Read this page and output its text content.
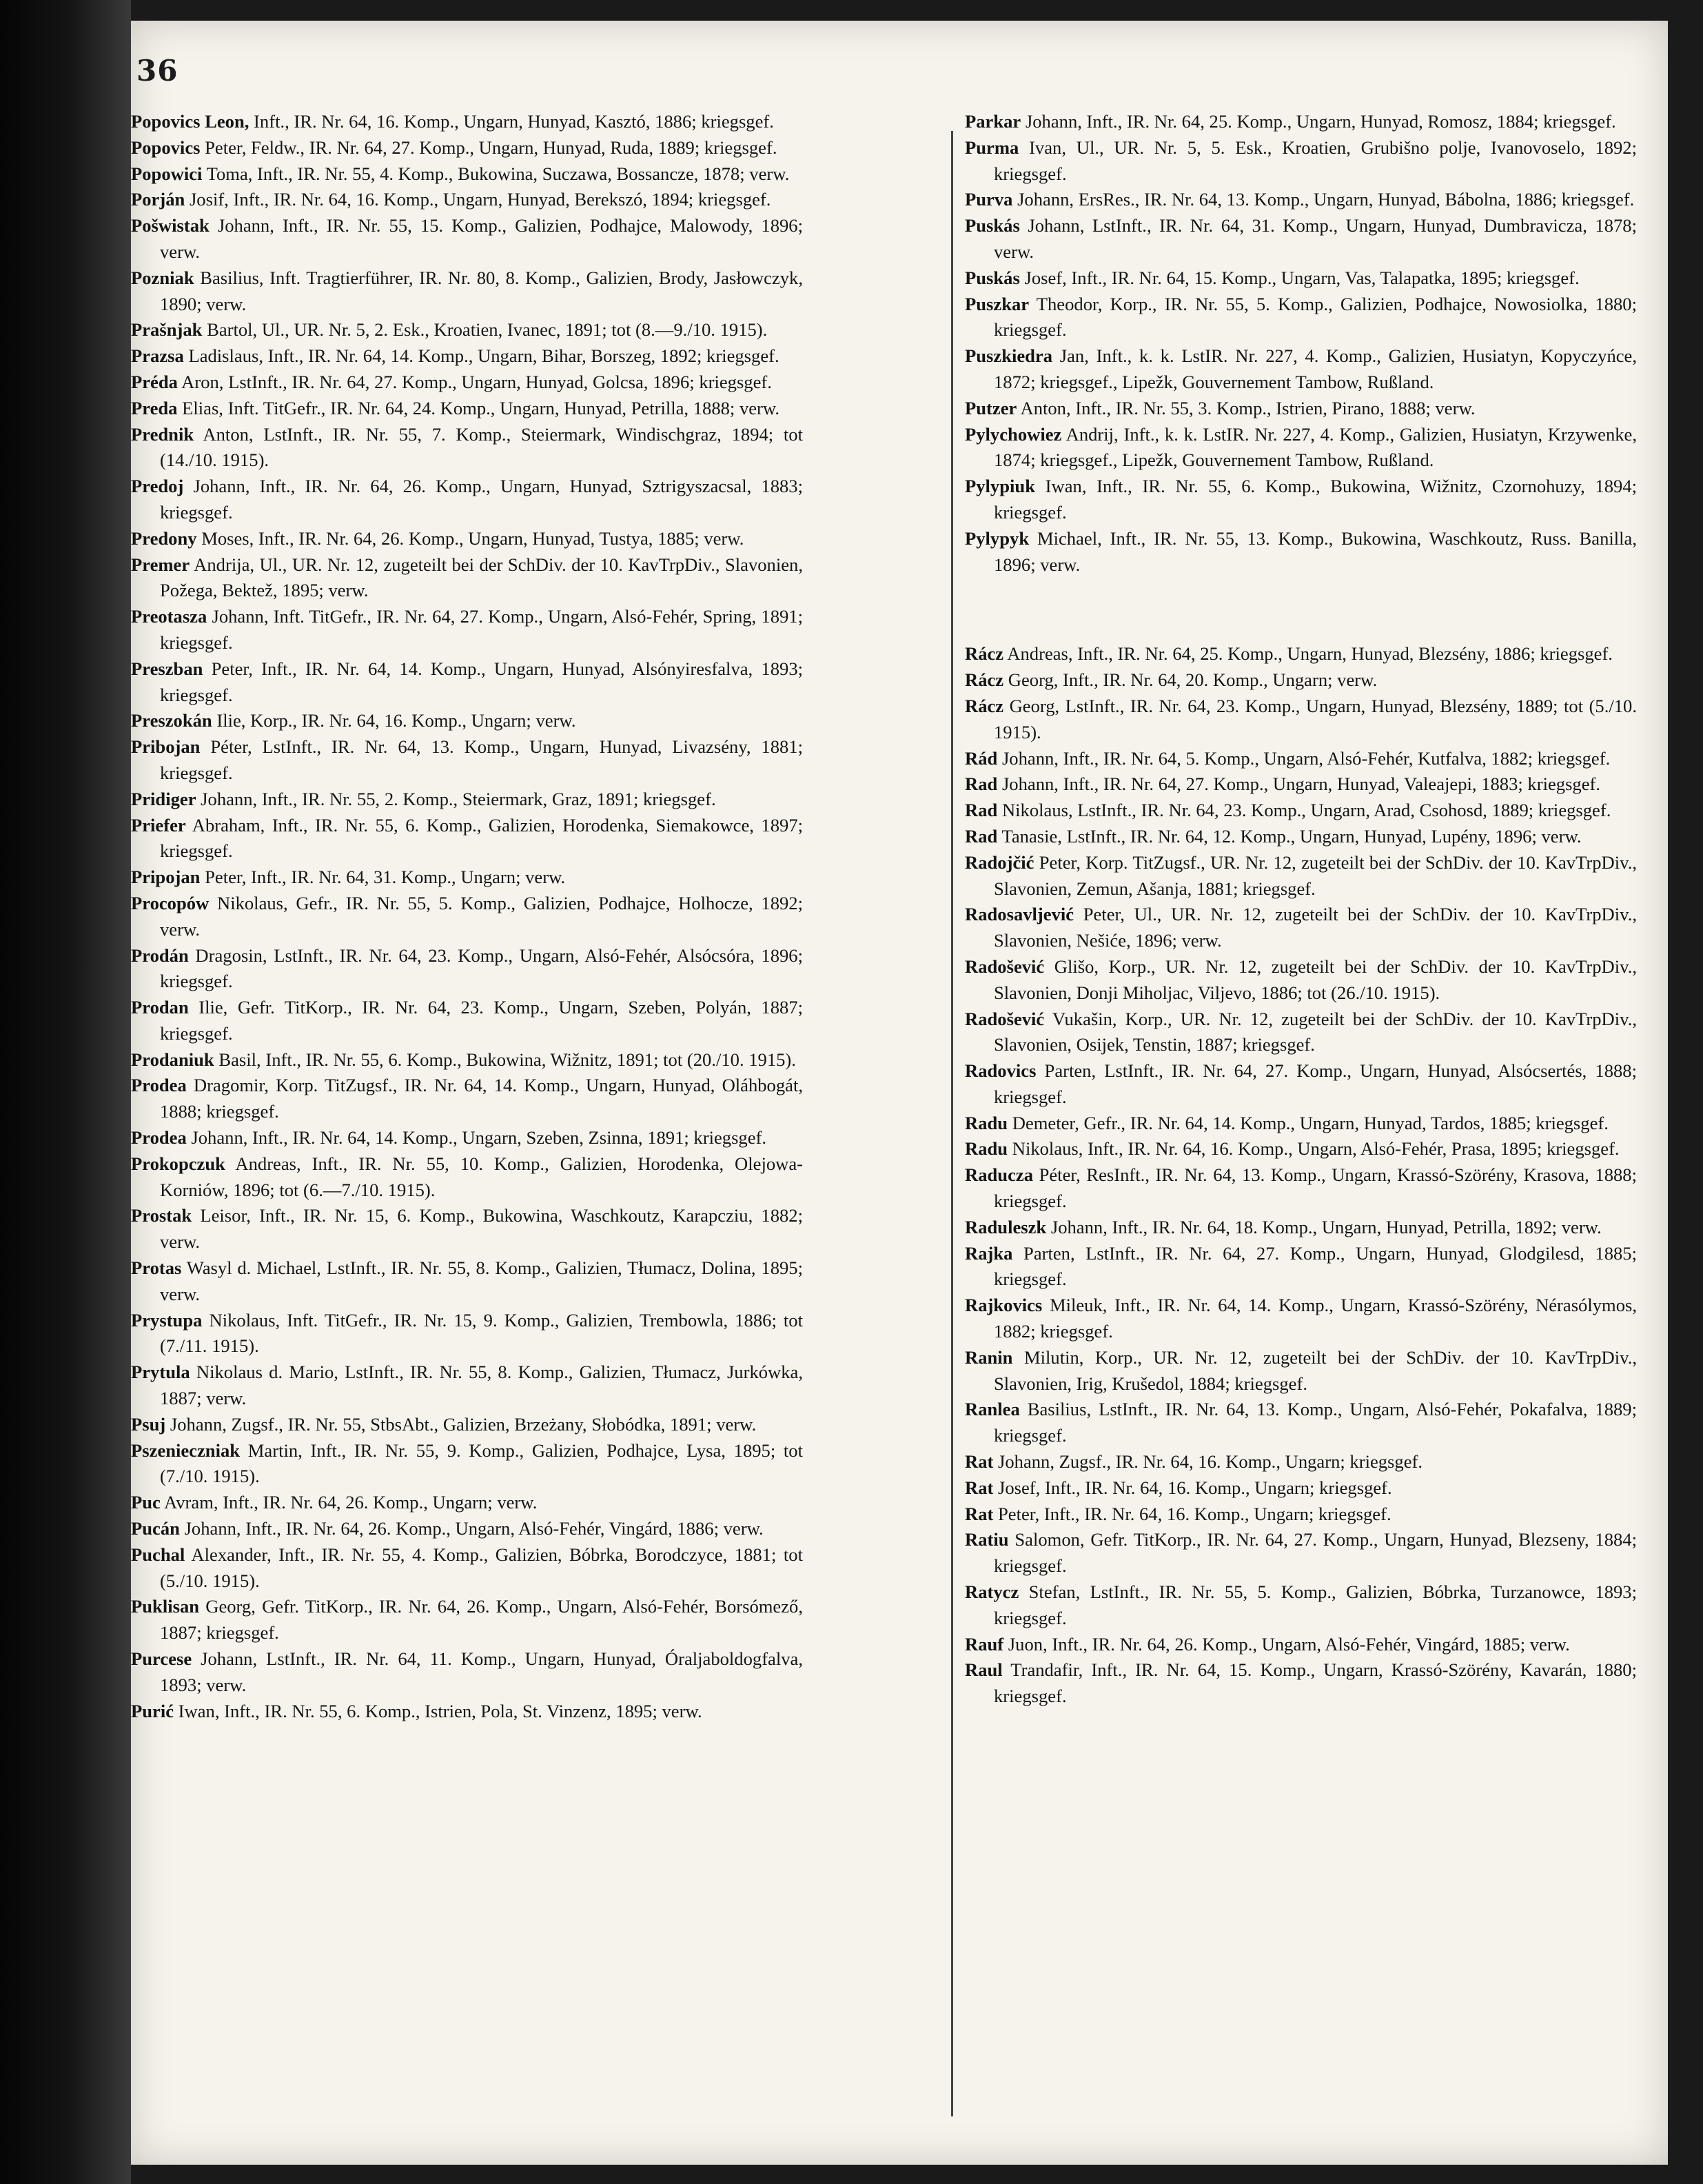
36

Popovics Leon, Inft., IR. Nr. 64, 16. Komp., Ungarn, Hunyad, Kasztó, 1886; kriegsgef.

Popovics Peter, Feldw., IR. Nr. 64, 27. Komp., Ungarn, Hunyad, Ruda, 1889; kriegsgef.

Popowici Toma, Inft., IR. Nr. 55, 4. Komp., Bukowina, Suczawa, Bossancze, 1878; verw.

Porján Josif, Inft., IR. Nr. 64, 16. Komp., Ungarn, Hunyad, Berekszó, 1894; kriegsgef.

Pošwistak Johann, Inft., IR. Nr. 55, 15. Komp., Galizien, Podhajce, Malowody, 1896; verw.

Pozniak Basilius, Inft. Tragtierführer, IR. Nr. 80, 8. Komp., Galizien, Brody, Jasłowczyk, 1890; verw.

Prašnjak Bartol, Ul., UR. Nr. 5, 2. Esk., Kroatien, Ivanec, 1891; tot (8.—9./10. 1915).

Prazsa Ladislaus, Inft., IR. Nr. 64, 14. Komp., Ungarn, Bihar, Borszeg, 1892; kriegsgef.

Préda Aron, LstInft., IR. Nr. 64, 27. Komp., Ungarn, Hunyad, Golcsa, 1896; kriegsgef.

Preda Elias, Inft. TitGefr., IR. Nr. 64, 24. Komp., Ungarn, Hunyad, Petrilla, 1888; verw.

Prednik Anton, LstInft., IR. Nr. 55, 7. Komp., Steiermark, Windischgraz, 1894; tot (14./10. 1915).

Predoj Johann, Inft., IR. Nr. 64, 26. Komp., Ungarn, Hunyad, Sztrigyszacsal, 1883; kriegsgef.

Predony Moses, Inft., IR. Nr. 64, 26. Komp., Ungarn, Hunyad, Tustya, 1885; verw.

Premer Andrija, Ul., UR. Nr. 12, zugeteilt bei der SchDiv. der 10. KavTrpDiv., Slavonien, Požega, Bektež, 1895; verw.

Preotasza Johann, Inft. TitGefr., IR. Nr. 64, 27. Komp., Ungarn, Alsó-Fehér, Spring, 1891; kriegsgef.

Preszban Peter, Inft., IR. Nr. 64, 14. Komp., Ungarn, Hunyad, Alsónyiresfalva, 1893; kriegsgef.

Preszokán Ilie, Korp., IR. Nr. 64, 16. Komp., Ungarn; verw.

Pribojan Péter, LstInft., IR. Nr. 64, 13. Komp., Ungarn, Hunyad, Livazsény, 1881; kriegsgef.

Pridiger Johann, Inft., IR. Nr. 55, 2. Komp., Steiermark, Graz, 1891; kriegsgef.

Priefer Abraham, Inft., IR. Nr. 55, 6. Komp., Galizien, Horodenka, Siemakowce, 1897; kriegsgef.

Pripojan Peter, Inft., IR. Nr. 64, 31. Komp., Ungarn; verw.

Procopów Nikolaus, Gefr., IR. Nr. 55, 5. Komp., Galizien, Podhajce, Holhocze, 1892; verw.

Prodán Dragosin, LstInft., IR. Nr. 64, 23. Komp., Ungarn, Alsó-Fehér, Alsócsóra, 1896; kriegsgef.

Prodan Ilie, Gefr. TitKorp., IR. Nr. 64, 23. Komp., Ungarn, Szeben, Polyán, 1887; kriegsgef.

Prodaniuk Basil, Inft., IR. Nr. 55, 6. Komp., Bukowina, Wižnitz, 1891; tot (20./10. 1915).

Prodea Dragomir, Korp. TitZugsf., IR. Nr. 64, 14. Komp., Ungarn, Hunyad, Oláhbogát, 1888; kriegsgef.

Prodea Johann, Inft., IR. Nr. 64, 14. Komp., Ungarn, Szeben, Zsinna, 1891; kriegsgef.

Prokopczuk Andreas, Inft., IR. Nr. 55, 10. Komp., Galizien, Horodenka, Olejowa-Korniów, 1896; tot (6.—7./10. 1915).

Prostak Leisor, Inft., IR. Nr. 15, 6. Komp., Bukowina, Waschkoutz, Karapcziu, 1882; verw.

Protas Wasyl d. Michael, LstInft., IR. Nr. 55, 8. Komp., Galizien, Tłumacz, Dolina, 1895; verw.

Prystupa Nikolaus, Inft. TitGefr., IR. Nr. 15, 9. Komp., Galizien, Trembowla, 1886; tot (7./11. 1915).

Prytula Nikolaus d. Mario, LstInft., IR. Nr. 55, 8. Komp., Galizien, Tłumacz, Jurkówka, 1887; verw.

Psuj Johann, Zugsf., IR. Nr. 55, StbsAbt., Galizien, Brzeżany, Słobódka, 1891; verw.

Pszenieczniak Martin, Inft., IR. Nr. 55, 9. Komp., Galizien, Podhajce, Lysa, 1895; tot (7./10. 1915).

Puc Avram, Inft., IR. Nr. 64, 26. Komp., Ungarn; verw.

Pucán Johann, Inft., IR. Nr. 64, 26. Komp., Ungarn, Alsó-Fehér, Vingárd, 1886; verw.

Puchal Alexander, Inft., IR. Nr. 55, 4. Komp., Galizien, Bóbrka, Borodczyce, 1881; tot (5./10. 1915).

Puklisan Georg, Gefr. TitKorp., IR. Nr. 64, 26. Komp., Ungarn, Alsó-Fehér, Borsómező, 1887; kriegsgef.

Purcese Johann, LstInft., IR. Nr. 64, 11. Komp., Ungarn, Hunyad, Óraljaboldogfalva, 1893; verw.

Purić Iwan, Inft., IR. Nr. 55, 6. Komp., Istrien, Pola, St. Vinzenz, 1895; verw.

Parkar Johann, Inft., IR. Nr. 64, 25. Komp., Ungarn, Hunyad, Romosz, 1884; kriegsgef.

Purma Ivan, Ul., UR. Nr. 5, 5. Esk., Kroatien, Grubišno polje, Ivanovoselo, 1892; kriegsgef.

Purva Johann, ErsRes., IR. Nr. 64, 13. Komp., Ungarn, Hunyad, Bábolna, 1886; kriegsgef.

Puskás Johann, LstInft., IR. Nr. 64, 31. Komp., Ungarn, Hunyad, Dumbravicza, 1878; verw.

Puskás Josef, Inft., IR. Nr. 64, 15. Komp., Ungarn, Vas, Talapatka, 1895; kriegsgef.

Puszkar Theodor, Korp., IR. Nr. 55, 5. Komp., Galizien, Podhajce, Nowosiolka, 1880; kriegsgef.

Puszkiedra Jan, Inft., k. k. LstIR. Nr. 227, 4. Komp., Galizien, Husiatyn, Kopyczyńce, 1872; kriegsgef., Lipežk, Gouvernement Tambow, Rußland.

Putzer Anton, Inft., IR. Nr. 55, 3. Komp., Istrien, Pirano, 1888; verw.

Pylychowiez Andrij, Inft., k. k. LstIR. Nr. 227, 4. Komp., Galizien, Husiatyn, Krzywenke, 1874; kriegsgef., Lipežk, Gouvernement Tambow, Rußland.

Pylypiuk Iwan, Inft., IR. Nr. 55, 6. Komp., Bukowina, Wižnitz, Czornohuzy, 1894; kriegsgef.

Pylypyk Michael, Inft., IR. Nr. 55, 13. Komp., Bukowina, Waschkoutz, Russ. Banilla, 1896; verw.

Rácz Andreas, Inft., IR. Nr. 64, 25. Komp., Ungarn, Hunyad, Blezsény, 1886; kriegsgef.

Rácz Georg, Inft., IR. Nr. 64, 20. Komp., Ungarn; verw.

Rácz Georg, LstInft., IR. Nr. 64, 23. Komp., Ungarn, Hunyad, Blezsény, 1889; tot (5./10. 1915).

Rád Johann, Inft., IR. Nr. 64, 5. Komp., Ungarn, Alsó-Fehér, Kutfalva, 1882; kriegsgef.

Rad Johann, Inft., IR. Nr. 64, 27. Komp., Ungarn, Hunyad, Valeajepi, 1883; kriegsgef.

Rad Nikolaus, LstInft., IR. Nr. 64, 23. Komp., Ungarn, Arad, Csohosd, 1889; kriegsgef.

Rad Tanasie, LstInft., IR. Nr. 64, 12. Komp., Ungarn, Hunyad, Lupény, 1896; verw.

Radojčić Peter, Korp. TitZugsf., UR. Nr. 12, zugeteilt bei der SchDiv. der 10. KavTrpDiv., Slavonien, Zemun, Ašanja, 1881; kriegsgef.

Radosavljević Peter, Ul., UR. Nr. 12, zugeteilt bei der SchDiv. der 10. KavTrpDiv., Slavonien, Nešiće, 1896; verw.

Radošević Glišo, Korp., UR. Nr. 12, zugeteilt bei der SchDiv. der 10. KavTrpDiv., Slavonien, Donji Miholjac, Viljevo, 1886; tot (26./10. 1915).

Radošević Vukašin, Korp., UR. Nr. 12, zugeteilt bei der SchDiv. der 10. KavTrpDiv., Slavonien, Osijek, Tenstin, 1887; kriegsgef.

Radovics Parten, LstInft., IR. Nr. 64, 27. Komp., Ungarn, Hunyad, Alsócsertés, 1888; kriegsgef.

Radu Demeter, Gefr., IR. Nr. 64, 14. Komp., Ungarn, Hunyad, Tardos, 1885; kriegsgef.

Radu Nikolaus, Inft., IR. Nr. 64, 16. Komp., Ungarn, Alsó-Fehér, Prasa, 1895; kriegsgef.

Raducza Péter, ResInft., IR. Nr. 64, 13. Komp., Ungarn, Krassó-Szörény, Krasova, 1888; kriegsgef.

Raduleszk Johann, Inft., IR. Nr. 64, 18. Komp., Ungarn, Hunyad, Petrilla, 1892; verw.

Rajka Parten, LstInft., IR. Nr. 64, 27. Komp., Ungarn, Hunyad, Glodgilesd, 1885; kriegsgef.

Rajkovics Mileuk, Inft., IR. Nr. 64, 14. Komp., Ungarn, Krassó-Szörény, Nérasólymos, 1882; kriegsgef.

Ranin Milutin, Korp., UR. Nr. 12, zugeteilt bei der SchDiv. der 10. KavTrpDiv., Slavonien, Irig, Krušedol, 1884; kriegsgef.

Ranlea Basilius, LstInft., IR. Nr. 64, 13. Komp., Ungarn, Alsó-Fehér, Pokafalva, 1889; kriegsgef.

Rat Johann, Zugsf., IR. Nr. 64, 16. Komp., Ungarn; kriegsgef.

Rat Josef, Inft., IR. Nr. 64, 16. Komp., Ungarn; kriegsgef.

Rat Peter, Inft., IR. Nr. 64, 16. Komp., Ungarn; kriegsgef.

Ratiu Salomon, Gefr. TitKorp., IR. Nr. 64, 27. Komp., Ungarn, Hunyad, Blezseny, 1884; kriegsgef.

Ratycz Stefan, LstInft., IR. Nr. 55, 5. Komp., Galizien, Bóbrka, Turzanowce, 1893; kriegsgef.

Rauf Juon, Inft., IR. Nr. 64, 26. Komp., Ungarn, Alsó-Fehér, Vingárd, 1885; verw.

Raul Trandafir, Inft., IR. Nr. 64, 15. Komp., Ungarn, Krassó-Szörény, Kavarán, 1880; kriegsgef.
